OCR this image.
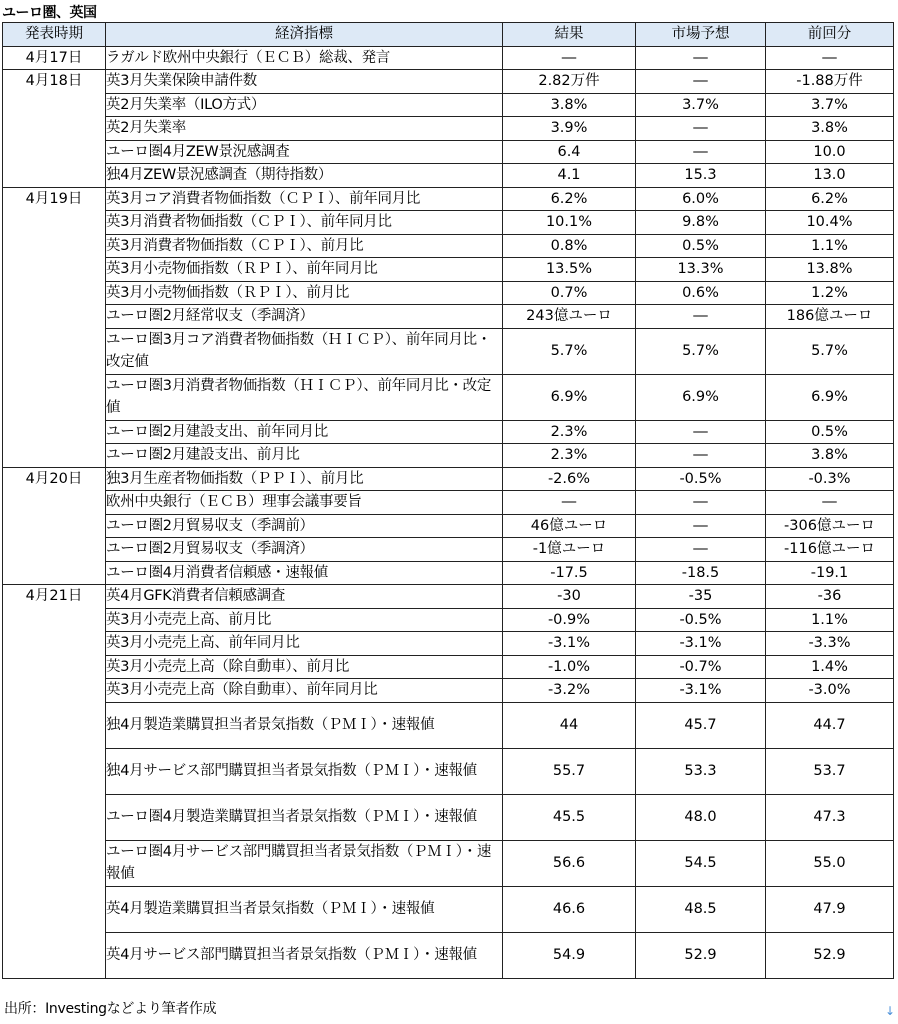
ユーロ圏、英国
発表時期	経済指標	結果	市場予想	前回分
4月17日	ラガルド欧州中央銀行（ＥＣＢ）総裁、発言	―	―	―
4月18日	英3月失業保険申請件数	2.82万件	―	-1.88万件
	英2月失業率（ILO方式）	3.8%	3.7%	3.7%
	英2月失業率	3.9%	―	3.8%
	ユーロ圏4月ZEW景況感調査	6.4	―	10.0
	独4月ZEW景況感調査（期待指数）	4.1	15.3	13.0
4月19日	英3月コア消費者物価指数（ＣＰＩ）、前年同月比	6.2%	6.0%	6.2%
	英3月消費者物価指数（ＣＰＩ）、前年同月比	10.1%	9.8%	10.4%
	英3月消費者物価指数（ＣＰＩ）、前月比	0.8%	0.5%	1.1%
	英3月小売物価指数（ＲＰＩ）、前年同月比	13.5%	13.3%	13.8%
	英3月小売物価指数（ＲＰＩ）、前月比	0.7%	0.6%	1.2%
	ユーロ圏2月経常収支（季調済）	243億ユーロ	―	186億ユーロ
	ユーロ圏3月コア消費者物価指数（ＨＩＣＰ）、前年同月比・改定値	5.7%	5.7%	5.7%
	ユーロ圏3月消費者物価指数（ＨＩＣＰ）、前年同月比・改定値	6.9%	6.9%	6.9%
	ユーロ圏2月建設支出、前年同月比	2.3%	―	0.5%
	ユーロ圏2月建設支出、前月比	2.3%	―	3.8%
4月20日	独3月生産者物価指数（ＰＰＩ）、前月比	-2.6%	-0.5%	-0.3%
	欧州中央銀行（ＥＣＢ）理事会議事要旨	―	―	―
	ユーロ圏2月貿易収支（季調前）	46億ユーロ	―	-306億ユーロ
	ユーロ圏2月貿易収支（季調済）	-1億ユーロ	―	-116億ユーロ
	ユーロ圏4月消費者信頼感・速報値	-17.5	-18.5	-19.1
4月21日	英4月GFK消費者信頼感調査	-30	-35	-36
	英3月小売売上高、前月比	-0.9%	-0.5%	1.1%
	英3月小売売上高、前年同月比	-3.1%	-3.1%	-3.3%
	英3月小売売上高（除自動車）、前月比	-1.0%	-0.7%	1.4%
	英3月小売売上高（除自動車）、前年同月比	-3.2%	-3.1%	-3.0%
	独4月製造業購買担当者景気指数（ＰＭＩ）・速報値	44	45.7	44.7
	独4月サービス部門購買担当者景気指数（ＰＭＩ）・速報値	55.7	53.3	53.7
	ユーロ圏4月製造業購買担当者景気指数（ＰＭＩ）・速報値	45.5	48.0	47.3
	ユーロ圏4月サービス部門購買担当者景気指数（ＰＭＩ）・速報値	56.6	54.5	55.0
	英4月製造業購買担当者景気指数（ＰＭＩ）・速報値	46.6	48.5	47.9
	英4月サービス部門購買担当者景気指数（ＰＭＩ）・速報値	54.9	52.9	52.9
出所：Investingなどより筆者作成	↓
